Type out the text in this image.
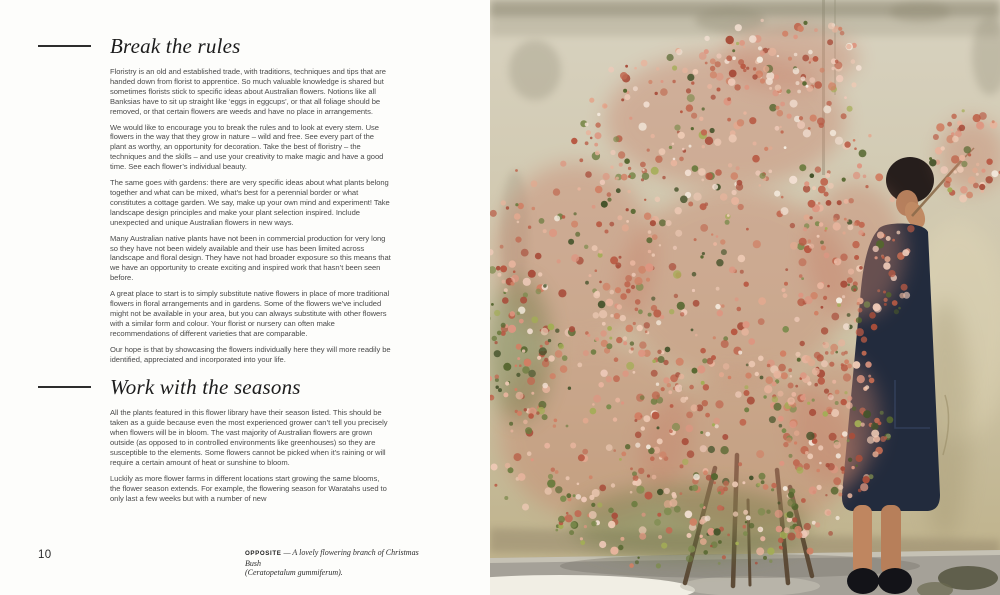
Break the rules

Floristry is an old and established trade, with traditions, techniques and tips that are handed down from florist to apprentice. So much valuable knowledge is shared but sometimes florists stick to specific ideas about Australian flowers. Notions like all Banksias have to sit up straight like ‘eggs in eggcups’, or that all foliage should be removed, or that certain flowers are weeds and have no place in arrangements.

We would like to encourage you to break the rules and to look at every stem. Use flowers in the way that they grow in nature – wild and free. See every part of the plant as worthy, an opportunity for decoration. Take the best of floristry – the techniques and the skills – and use your creativity to make magic and have a good time. See each flower’s individual beauty.

The same goes with gardens: there are very specific ideas about what plants belong together and what can be mixed, what’s best for a perennial border or what constitutes a cottage garden. We say, make up your own mind and experiment! Take landscape design principles and make your plant selection inspired. Include unexpected and unique Australian flowers in new ways.

Many Australian native plants have not been in commercial production for very long so they have not been widely available and their use has been limited across landscape and floral design. They have not had broader exposure so this means that we have an opportunity to create exciting and inspired work that hasn’t been seen before.

A great place to start is to simply substitute native flowers in place of more traditional flowers in floral arrangements and in gardens. Some of the flowers we’ve included might not be available in your area, but you can always substitute with other flowers with a similar form and colour. Your florist or nursery can often make recommendations of different varieties that are comparable.

Our hope is that by showcasing the flowers individually here they will more readily be identified, appreciated and incorporated into your life.

Work with the seasons

All the plants featured in this flower library have their season listed. This should be taken as a guide because even the most experienced grower can’t tell you precisely when flowers will be in bloom. The vast majority of Australian flowers are grown outside (as opposed to in controlled environments like greenhouses) so they are susceptible to the elements. Some flowers cannot be picked when it’s raining or will require a certain amount of heat or sunshine to bloom.

Luckily as more flower farms in different locations start growing the same blooms, the flower season extends. For example, the flowering season for Waratahs used to only last a few weeks but with a number of new

10	OPPOSITE — A lovely flowering branch of Christmas Bush
(Ceratopetalum gummiferum).
